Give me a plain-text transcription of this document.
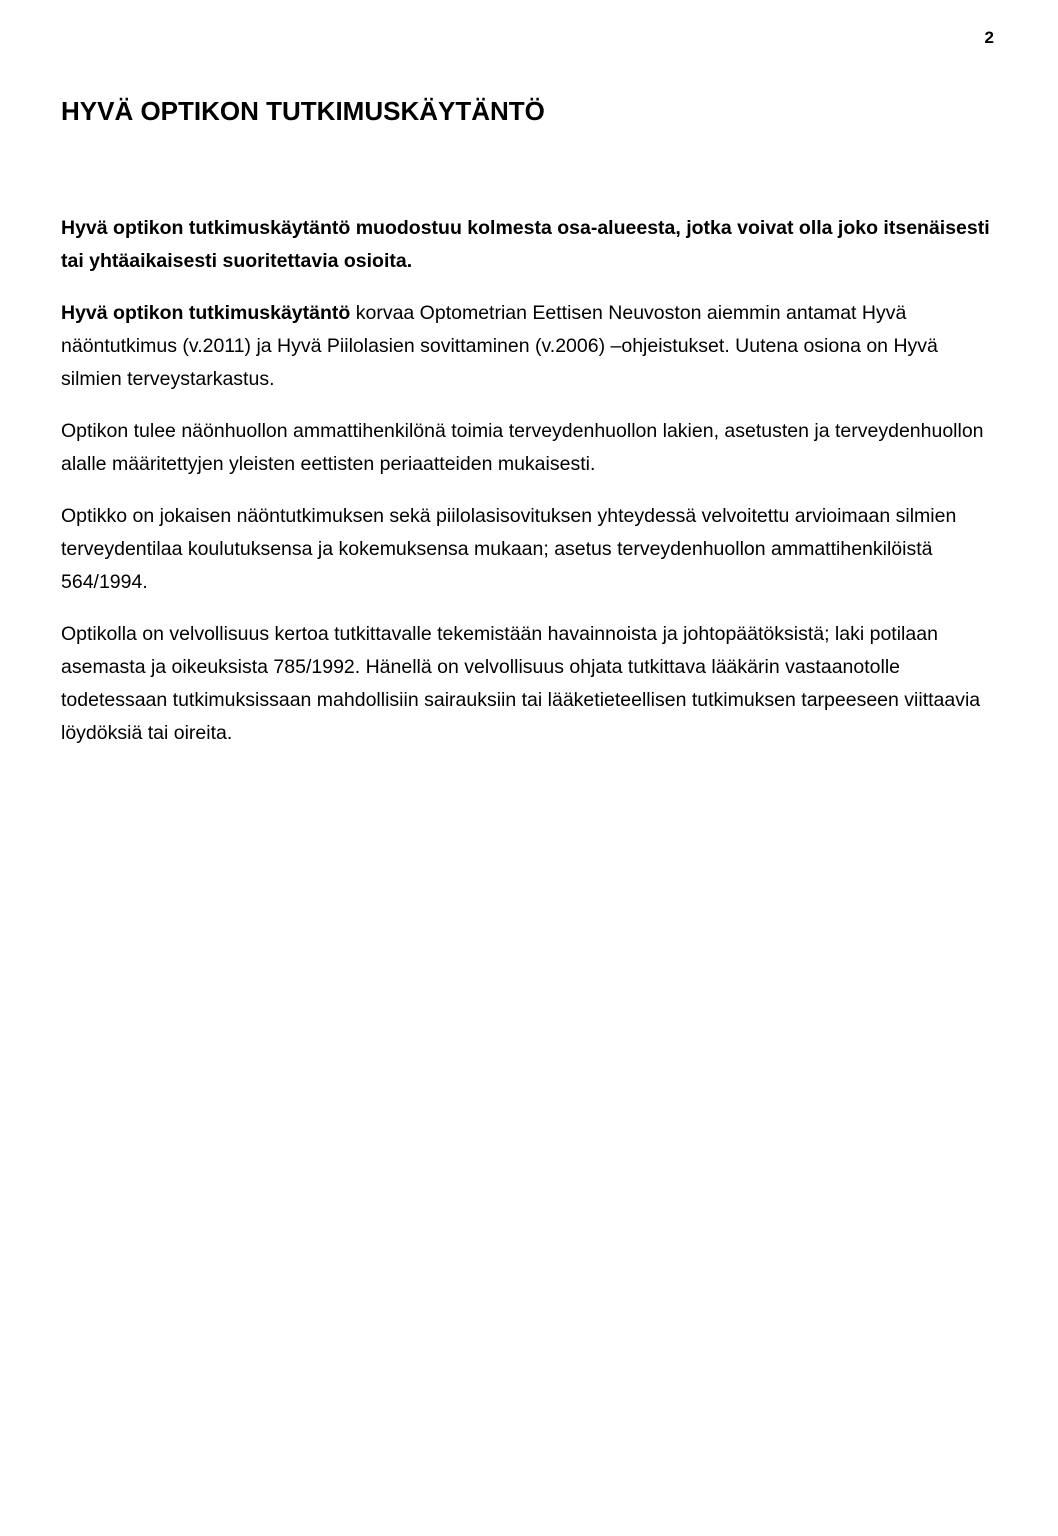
2
HYVÄ OPTIKON TUTKIMUSKÄYTÄNTÖ

Hyvä optikon tutkimuskäytäntö muodostuu kolmesta osa-alueesta, jotka voivat olla joko itsenäisesti tai yhtäaikaisesti suoritettavia osioita.

Hyvä optikon tutkimuskäytäntö korvaa Optometrian Eettisen Neuvoston aiemmin antamat Hyvä näöntutkimus (v.2011) ja Hyvä Piilolasien sovittaminen (v.2006) –ohjeistukset. Uutena osiona on Hyvä silmien terveystarkastus.

Optikon tulee näönhuollon ammattihenkilönä toimia terveydenhuollon lakien, asetusten ja terveydenhuollon alalle määritettyjen yleisten eettisten periaatteiden mukaisesti.

Optikko on jokaisen näöntutkimuksen sekä piilolasisovituksen yhteydessä velvoitettu arvioimaan silmien terveydentilaa koulutuksensa ja kokemuksensa mukaan; asetus terveydenhuollon ammattihenkilöistä 564/1994.

Optikolla on velvollisuus kertoa tutkittavalle tekemistään havainnoista ja johtopäätöksistä; laki potilaan asemasta ja oikeuksista 785/1992. Hänellä on velvollisuus ohjata tutkittava lääkärin vastaanotolle todetessaan tutkimuksissaan mahdollisiin sairauksiin tai lääketieteellisen tutkimuksen tarpeeseen viittaavia löydöksiä tai oireita.
